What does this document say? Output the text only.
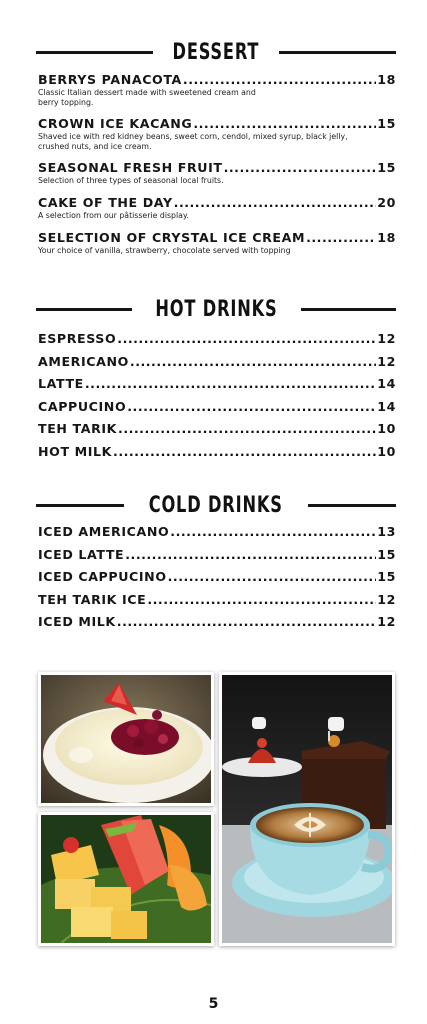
DESSERT
BERRYS PANACOTA .....	18
Classic Italian dessert made with sweetened cream and berry topping.
CROWN ICE KACANG .....	15
Shaved ice with red kidney beans, sweet corn, cendol, mixed syrup, black jelly, crushed nuts, and ice cream.
SEASONAL FRESH FRUIT .....	15
Selection of three types of seasonal local fruits.
CAKE OF THE DAY .....	20
A selection from our pâtisserie display.
SELECTION OF CRYSTAL ICE CREAM .....	18
Your choice of vanilla, strawberry, chocolate served with topping
HOT DRINKS
ESPRESSO .....	12
AMERICANO .....	12
LATTE .....	14
CAPPUCINO .....	14
TEH TARIK .....	10
HOT MILK .....	10
COLD DRINKS
ICED AMERICANO .....	13
ICED LATTE .....	15
ICED CAPPUCINO .....	15
TEH TARIK ICE .....	12
ICED MILK .....	12
5
